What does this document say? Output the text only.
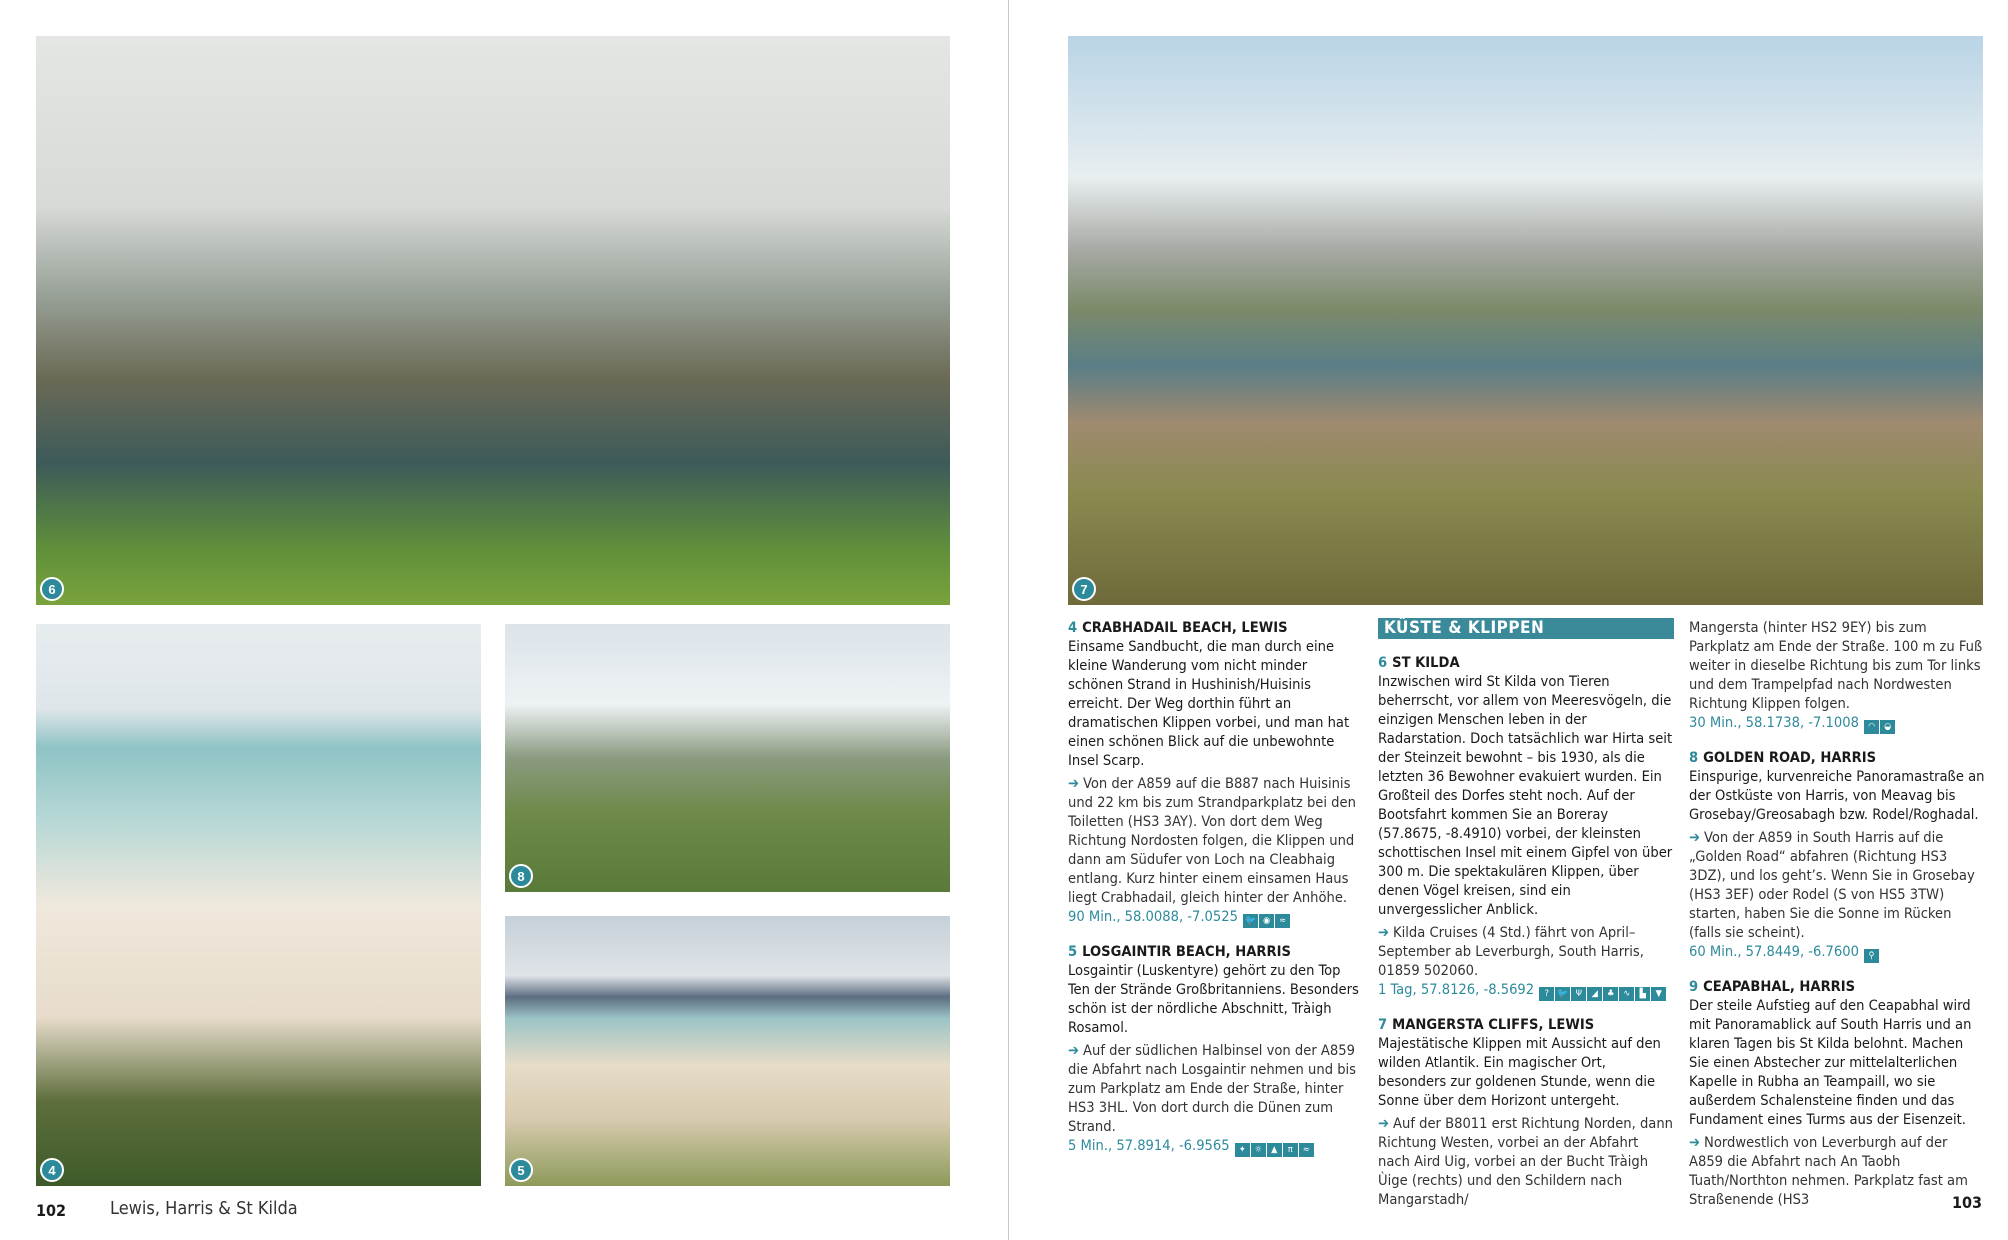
6	7
4
8
5
4 CRABHADAIL BEACH, LEWIS
Einsame Sandbucht, die man durch eine kleine Wanderung vom nicht minder schönen Strand in Hushinish/Huisinis erreicht. Der Weg dorthin führt an dramatischen Klippen vorbei, und man hat einen schönen Blick auf die unbewohnte Insel Scarp.
➔ Von der A859 auf die B887 nach Huisinis und 22 km bis zum Strandparkplatz bei den Toiletten (HS3 3AY). Von dort dem Weg Richtung Nordosten folgen, die Klippen und dann am Südufer von Loch na Cleabhaig entlang. Kurz hinter einem einsamen Haus liegt Crabhadail, gleich hinter der Anhöhe.
90 Min., 58.0088, -7.0525 🐦 ◉ ≈
5 LOSGAINTIR BEACH, HARRIS
Losgaintir (Luskentyre) gehört zu den Top Ten der Strände Großbritanniens. Besonders schön ist der nördliche Abschnitt, Tràigh Rosamol.
➔ Auf der südlichen Halbinsel von der A859 die Abfahrt nach Losgaintir nehmen und bis zum Parkplatz am Ende der Straße, hinter HS3 3HL. Von dort durch die Dünen zum Strand.
5 Min., 57.8914, -6.9565 ✦ ☼ ▲ π ≈
KÜSTE & KLIPPEN
6 ST KILDA
Inzwischen wird St Kilda von Tieren beherrscht, vor allem von Meeresvögeln, die einzigen Menschen leben in der Radarstation. Doch tatsächlich war Hirta seit der Steinzeit bewohnt – bis 1930, als die letzten 36 Bewohner evakuiert wurden. Ein Großteil des Dorfes steht noch. Auf der Bootsfahrt kommen Sie an Boreray (57.8675, -8.4910) vorbei, der kleinsten schottischen Insel mit einem Gipfel von über 300 m. Die spektakulären Klippen, über denen Vögel kreisen, sind ein unvergesslicher Anblick.
➔ Kilda Cruises (4 Std.) fährt von April–September ab Leverburgh, South Harris, 01859 502060.
1 Tag, 57.8126, -8.5692 ? 🐦 Ψ ◢ ♣ ∿ ▙ ▼
7 MANGERSTA CLIFFS, LEWIS
Majestätische Klippen mit Aussicht auf den wilden Atlantik. Ein magischer Ort, besonders zur goldenen Stunde, wenn die Sonne über dem Horizont untergeht.
➔ Auf der B8011 erst Richtung Norden, dann Richtung Westen, vorbei an der Abfahrt nach Aird Uig, vorbei an der Bucht Tràigh Ùige (rechts) und den Schildern nach Mangarstadh/
Mangersta (hinter HS2 9EY) bis zum Parkplatz am Ende der Straße. 100 m zu Fuß weiter in dieselbe Richtung bis zum Tor links und dem Trampelpfad nach Nordwesten Richtung Klippen folgen.
30 Min., 58.1738, -7.1008 ◠ ◒
8 GOLDEN ROAD, HARRIS
Einspurige, kurvenreiche Panoramastraße an der Ostküste von Harris, von Meavag bis Grosebay/Greosabagh bzw. Rodel/Roghadal.
➔ Von der A859 in South Harris auf die „Golden Road“ abfahren (Richtung HS3 3DZ), und los geht’s. Wenn Sie in Grosebay (HS3 3EF) oder Rodel (S von HS5 3TW) starten, haben Sie die Sonne im Rücken (falls sie scheint).
60 Min., 57.8449, -6.7600 ⚲
9 CEAPABHAL, HARRIS
Der steile Aufstieg auf den Ceapabhal wird mit Panoramablick auf South Harris und an klaren Tagen bis St Kilda belohnt. Machen Sie einen Abstecher zur mittelalterlichen Kapelle in Rubha an Teampaill, wo sie außerdem Schalensteine finden und das Fundament eines Turms aus der Eisenzeit.
➔ Nordwestlich von Leverburgh auf der A859 die Abfahrt nach An Taobh Tuath/Northton nehmen. Parkplatz fast am Straßenende (HS3
102 Lewis, Harris & St Kilda	103
